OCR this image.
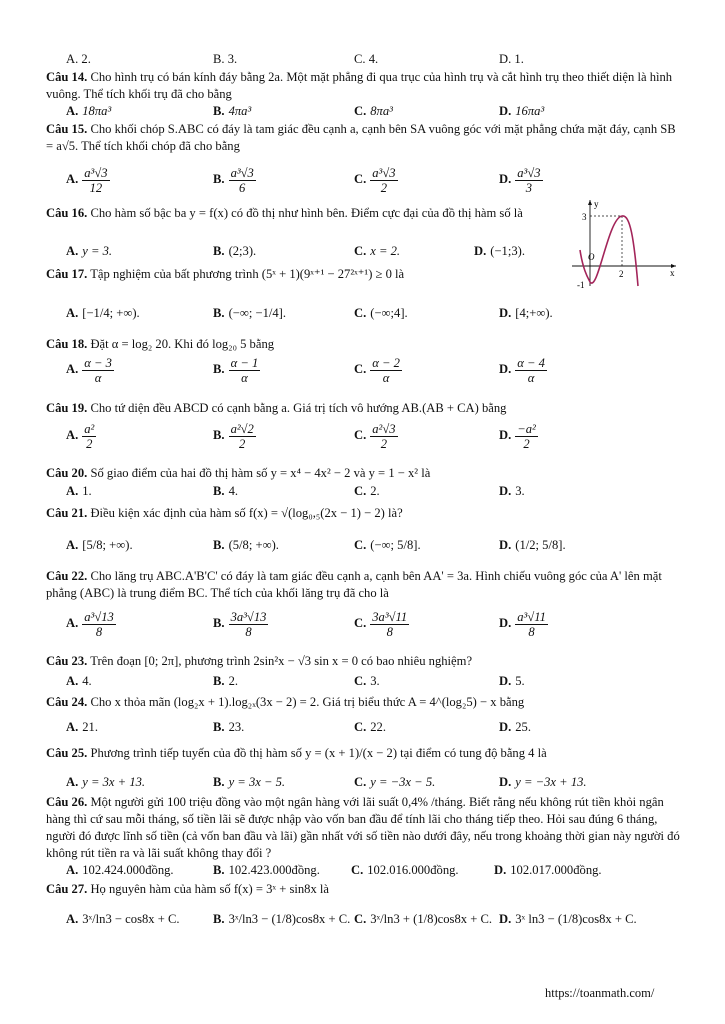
A. 2.	B. 3.	C. 4.	D. 1.
Câu 14. Cho hình trụ có bán kính đáy bằng 2a. Một mặt phẳng đi qua trục của hình trụ và cắt hình trụ theo thiết diện là hình vuông. Thể tích khối trụ đã cho bằng
A. 18πa³	B. 4πa³	C. 8πa³	D. 16πa³
Câu 15. Cho khối chóp S.ABC có đáy là tam giác đều cạnh a, cạnh bên SA vuông góc với mặt phẳng chứa mặt đáy, cạnh SB = a√5. Thể tích khối chóp đã cho bằng
A. $\frac{\text{a³√3}}{12}$	B. $\frac{\text{a³√3}}{6}$	C. $\frac{\text{a³√3}}{2}$	D. $\frac{\text{a³√3}}{3}$
Câu 16. Cho hàm số bậc ba y = f(x) có đồ thị như hình bên. Điểm cực đại của đồ thị hàm số là
A. y = 3.	B. (2;3).	C. x = 2.	D. (−1;3).
y
x
3
2
O
-1
Câu 17. Tập nghiệm của bất phương trình (5ˣ + 1)(9ˣ⁺¹ − 27²ˣ⁺¹) ≥ 0 là
A. [−1/4; +∞).	B. (−∞; −1/4].	C. (−∞;4].	D. [4;+∞).
Câu 18. Đặt α = log₂ 20. Khi đó log₂₀ 5 bằng
A. $\frac{\alpha - 3}{\alpha}$	B. $\frac{\alpha - 1}{\alpha}$	C. $\frac{\alpha - 2}{\alpha}$	D. $\frac{\alpha - 4}{\alpha}$
Câu 19. Cho tứ diện đều ABCD có cạnh bằng a. Giá trị tích vô hướng AB.(AB + CA) bằng
A. $\frac{\text{a²}}{2}$	B. $\frac{\text{a²√2}}{2}$	C. $\frac{\text{a²√3}}{2}$	D. $\frac{\text{−a²}}{2}$
Câu 20. Số giao điểm của hai đồ thị hàm số y = x⁴ − 4x² − 2 và y = 1 − x² là
A. 1.	B. 4.	C. 2.	D. 3.
Câu 21. Điều kiện xác định của hàm số f(x) = √(log₀,₅(2x − 1) − 2) là?
A. [5/8; +∞).	B. (5/8; +∞).	C. (−∞; 5/8].	D. (1/2; 5/8].
Câu 22. Cho lăng trụ ABC.A'B'C' có đáy là tam giác đều cạnh a, cạnh bên AA' = 3a. Hình chiếu vuông góc của A' lên mặt phẳng (ABC) là trung điểm BC. Thể tích của khối lăng trụ đã cho là
A. $\frac{\text{a³√13}}{8}$	B. $\frac{\text{3a³√13}}{8}$	C. $\frac{\text{3a³√11}}{8}$	D. $\frac{\text{a³√11}}{8}$
Câu 23. Trên đoạn [0; 2π], phương trình 2sin²x − √3 sin x = 0 có bao nhiêu nghiệm?
A. 4.	B. 2.	C. 3.	D. 5.
Câu 24. Cho x thỏa mãn (log₂x + 1).log₂ₓ(3x − 2) = 2. Giá trị biểu thức A = 4^(log₂5) − x bằng
A. 21.	B. 23.	C. 22.	D. 25.
Câu 25. Phương trình tiếp tuyến của đồ thị hàm số y = (x + 1)/(x − 2) tại điểm có tung độ bằng 4 là
A. y = 3x + 13.	B. y = 3x − 5.	C. y = −3x − 5.	D. y = −3x + 13.
Câu 26. Một người gửi 100 triệu đồng vào một ngân hàng với lãi suất 0,4% /tháng. Biết rằng nếu không rút tiền khỏi ngân hàng thì cứ sau mỗi tháng, số tiền lãi sẽ được nhập vào vốn ban đầu để tính lãi cho tháng tiếp theo. Hỏi sau đúng 6 tháng, người đó được lĩnh số tiền (cả vốn ban đầu và lãi) gần nhất với số tiền nào dưới đây, nếu trong khoảng thời gian này người đó không rút tiền ra và lãi suất không thay đổi ?
A. 102.424.000đồng.	B. 102.423.000đồng. C. 102.016.000đồng.	D. 102.017.000đồng.
Câu 27. Họ nguyên hàm của hàm số f(x) = 3ˣ + sin8x là
A. 3ˣ/ln3 − cos8x + C.	B. 3ˣ/ln3 − (1/8)cos8x + C. C. 3ˣ/ln3 + (1/8)cos8x + C. D. 3ˣ ln3 − (1/8)cos8x + C.
https://toanmath.com/
